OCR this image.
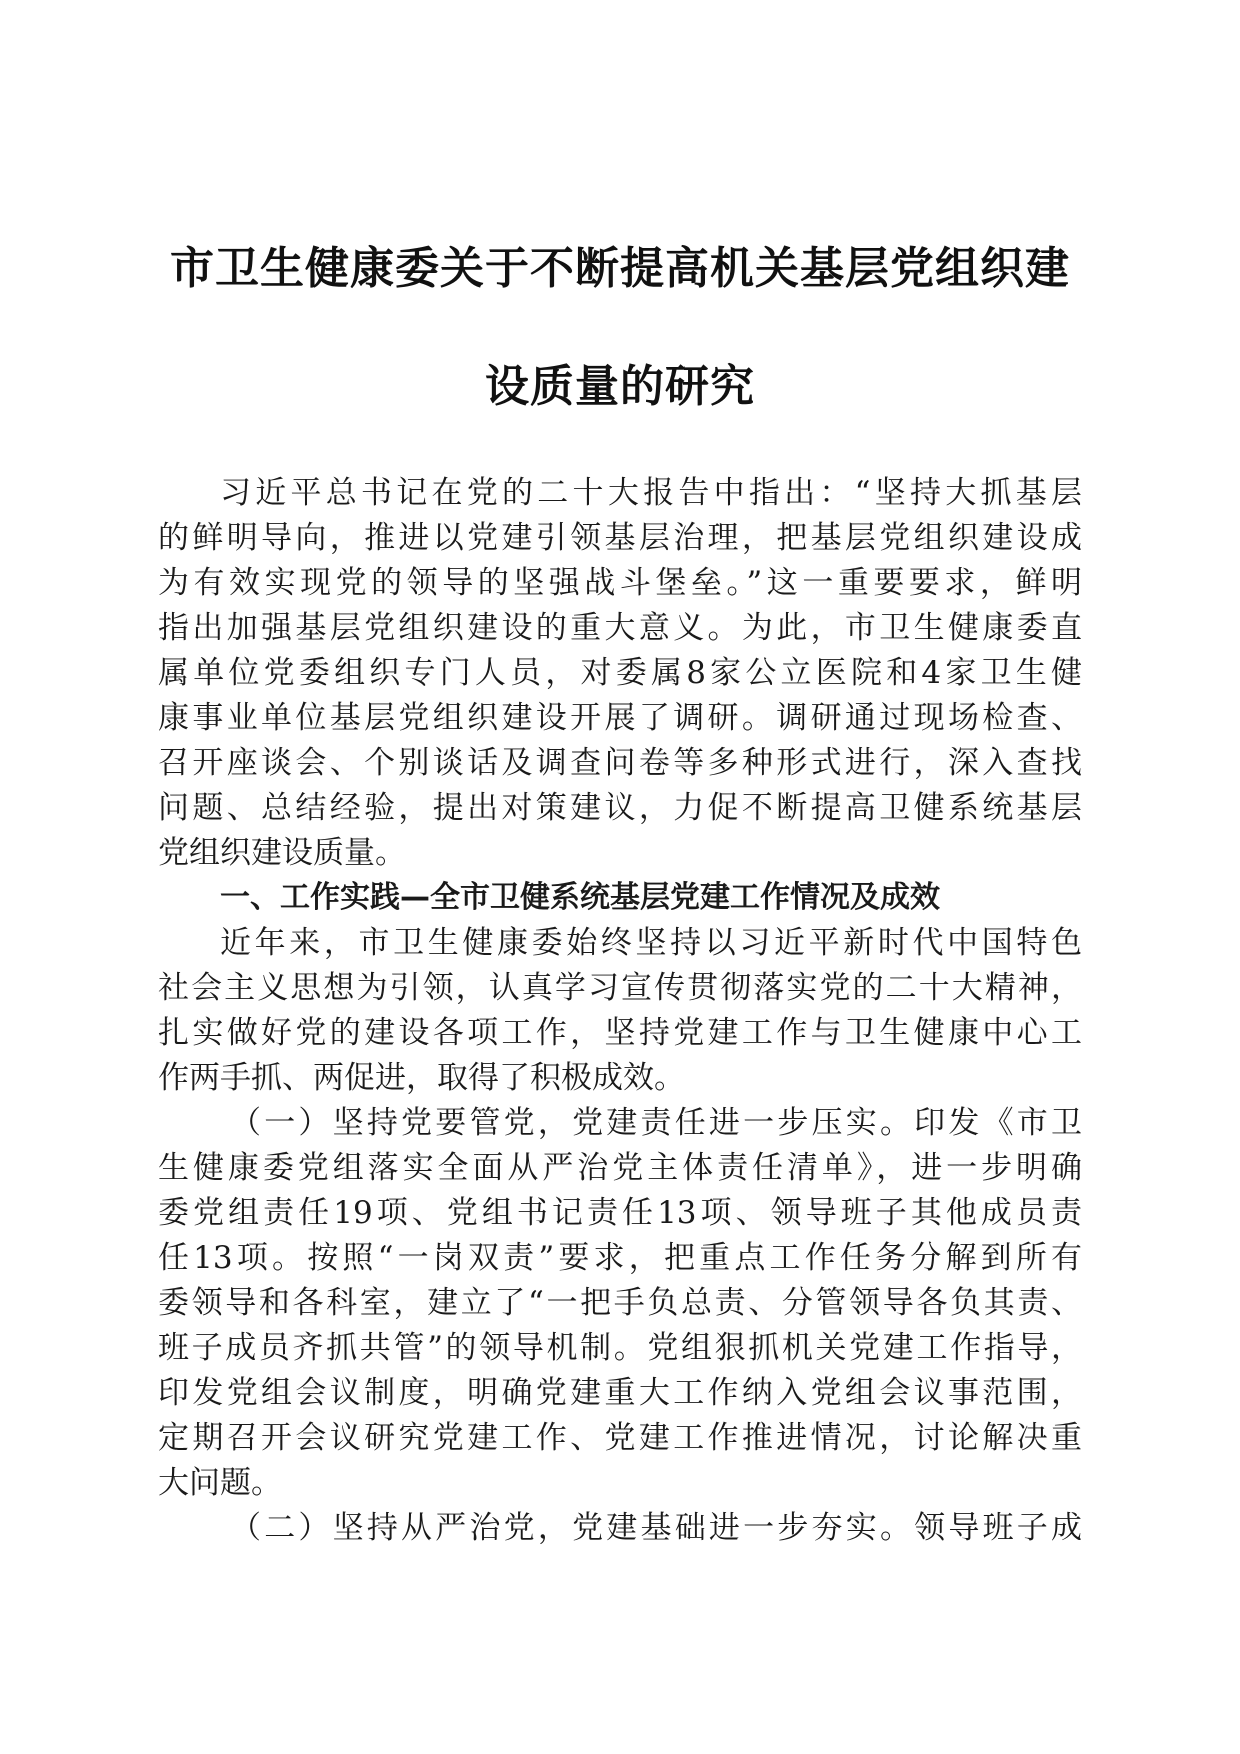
市卫生健康委关于不断提高机关基层党组织建
设质量的研究
习近平总书记在党的二十大报告中指出：“坚持大抓基层
的鲜明导向，推进以党建引领基层治理，把基层党组织建设成
为有效实现党的领导的坚强战斗堡垒。”这一重要要求，鲜明
指出加强基层党组织建设的重大意义。为此，市卫生健康委直
属单位党委组织专门人员，对委属8家公立医院和4家卫生健
康事业单位基层党组织建设开展了调研。调研通过现场检查、
召开座谈会、个别谈话及调查问卷等多种形式进行，深入查找
问题、总结经验，提出对策建议，力促不断提高卫健系统基层
党组织建设质量。
一、工作实践—全市卫健系统基层党建工作情况及成效
近年来，市卫生健康委始终坚持以习近平新时代中国特色
社会主义思想为引领，认真学习宣传贯彻落实党的二十大精神，
扎实做好党的建设各项工作，坚持党建工作与卫生健康中心工
作两手抓、两促进，取得了积极成效。
（一）坚持党要管党，党建责任进一步压实。印发《市卫
生健康委党组落实全面从严治党主体责任清单》，进一步明确
委党组责任19项、党组书记责任13项、领导班子其他成员责
任13项。按照“一岗双责”要求，把重点工作任务分解到所有
委领导和各科室，建立了“一把手负总责、分管领导各负其责、
班子成员齐抓共管”的领导机制。党组狠抓机关党建工作指导，
印发党组会议制度，明确党建重大工作纳入党组会议事范围，
定期召开会议研究党建工作、党建工作推进情况，讨论解决重
大问题。
（二）坚持从严治党，党建基础进一步夯实。领导班子成
